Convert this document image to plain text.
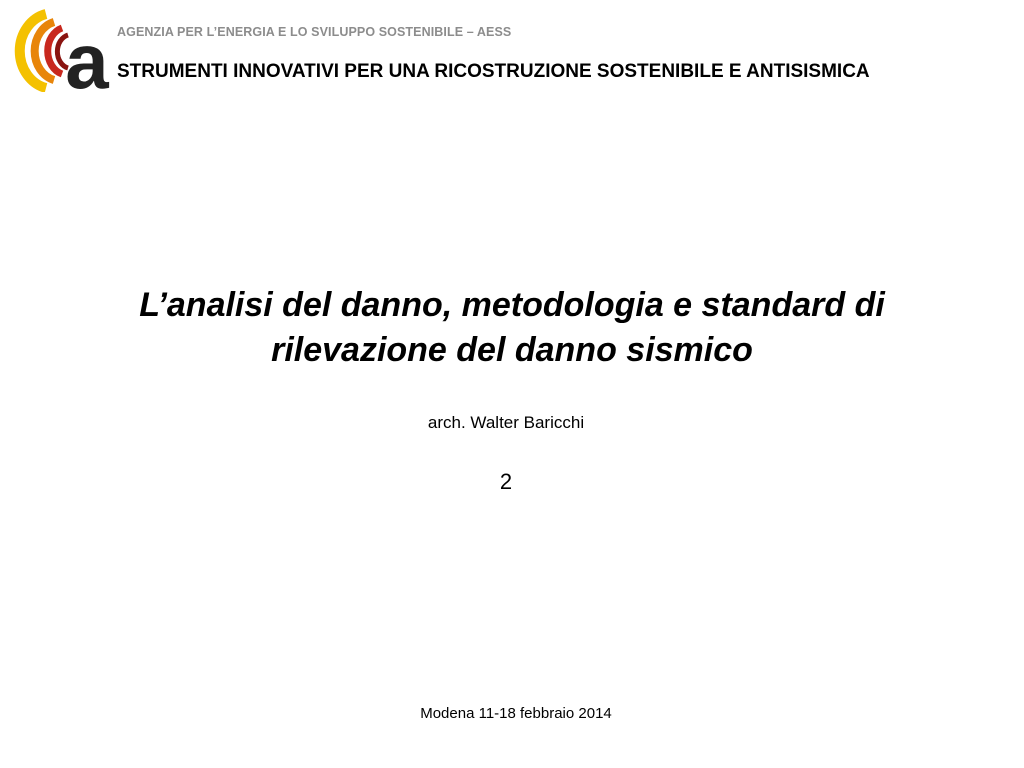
a AGENZIA PER L’ENERGIA E LO SVILUPPO SOSTENIBILE – AESS
STRUMENTI INNOVATIVI PER UNA RICOSTRUZIONE SOSTENIBILE E ANTISISMICA
L’analisi del danno, metodologia e standard di
rilevazione del danno sismico
arch. Walter Baricchi
2
Modena 11-18 febbraio 2014
